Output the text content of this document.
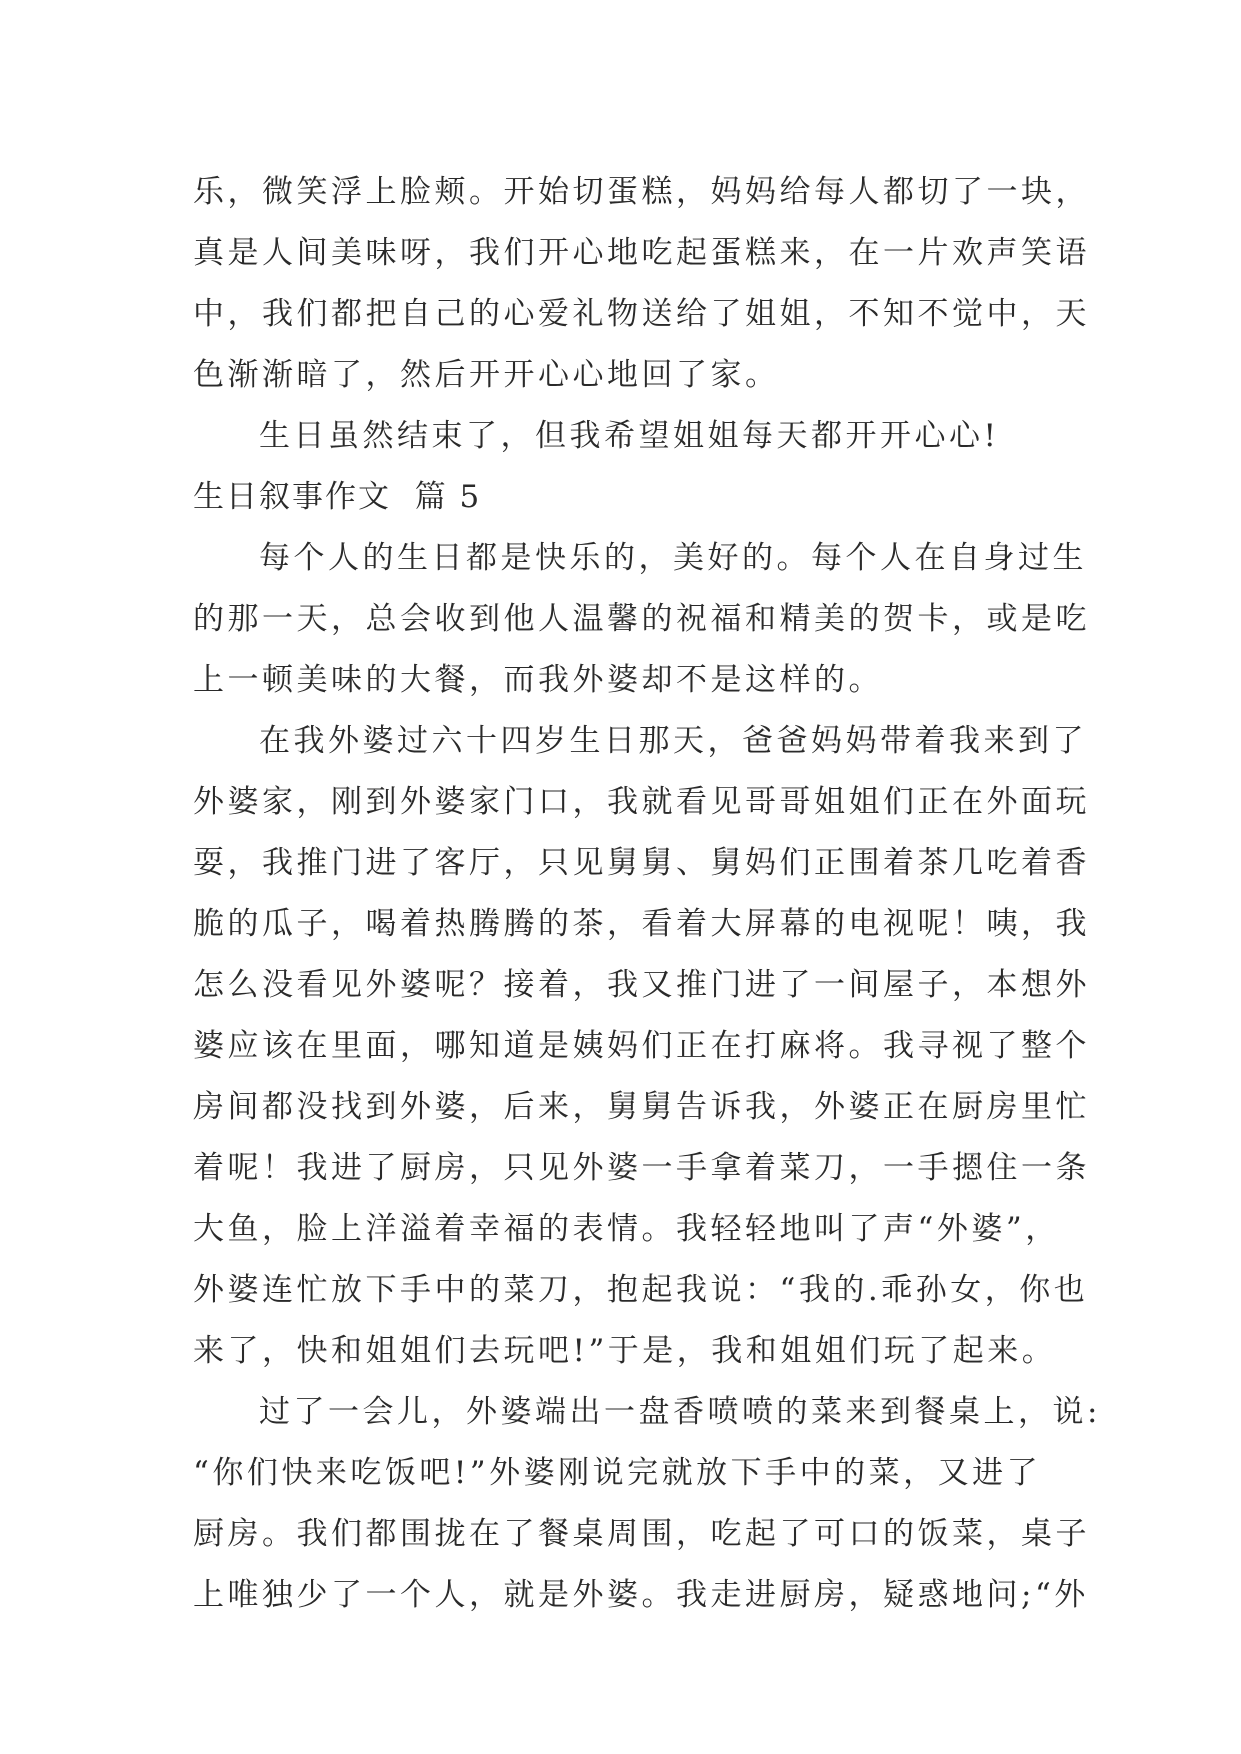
乐，微笑浮上脸颊。开始切蛋糕，妈妈给每人都切了一块，
真是人间美味呀，我们开心地吃起蛋糕来，在一片欢声笑语
中，我们都把自己的心爱礼物送给了姐姐，不知不觉中，天
色渐渐暗了，然后开开心心地回了家。

生日虽然结束了，但我希望姐姐每天都开开心心!

生日叙事作文  篇 5

每个人的生日都是快乐的，美好的。每个人在自身过生
的那一天，总会收到他人温馨的祝福和精美的贺卡，或是吃
上一顿美味的大餐，而我外婆却不是这样的。

在我外婆过六十四岁生日那天，爸爸妈妈带着我来到了
外婆家，刚到外婆家门口，我就看见哥哥姐姐们正在外面玩
耍，我推门进了客厅，只见舅舅、舅妈们正围着茶几吃着香
脆的瓜子，喝着热腾腾的茶，看着大屏幕的电视呢！咦，我
怎么没看见外婆呢？接着，我又推门进了一间屋子，本想外
婆应该在里面，哪知道是姨妈们正在打麻将。我寻视了整个
房间都没找到外婆，后来，舅舅告诉我，外婆正在厨房里忙
着呢！我进了厨房，只见外婆一手拿着菜刀，一手摁住一条
大鱼，脸上洋溢着幸福的表情。我轻轻地叫了声“外婆”，
外婆连忙放下手中的菜刀，抱起我说：“我的.乖孙女，你也
来了，快和姐姐们去玩吧!”于是，我和姐姐们玩了起来。

过了一会儿，外婆端出一盘香喷喷的菜来到餐桌上，说:
“你们快来吃饭吧!”外婆刚说完就放下手中的菜，又进了
厨房。我们都围拢在了餐桌周围，吃起了可口的饭菜，桌子
上唯独少了一个人，就是外婆。我走进厨房，疑惑地问;“外
